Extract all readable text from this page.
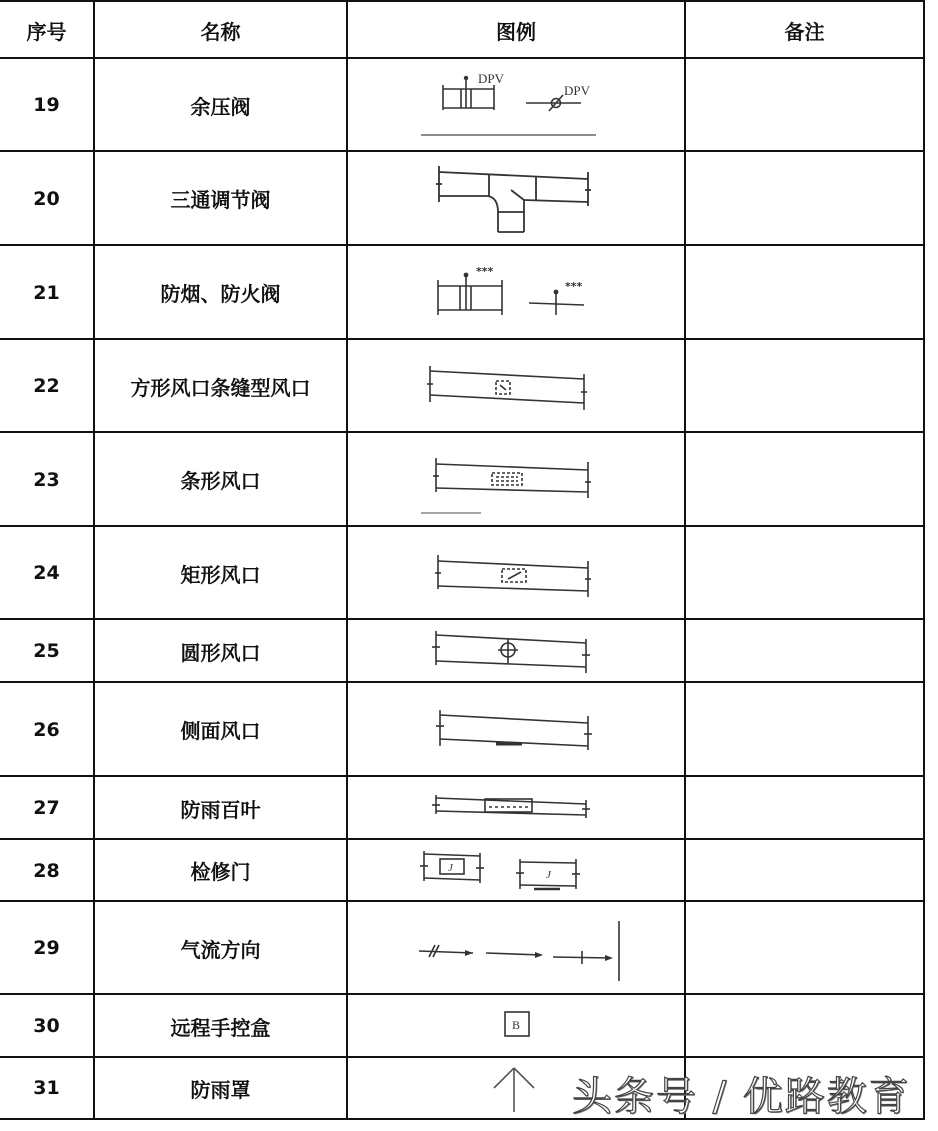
序号	名称	图例	备注
19	余压阀
DPV
DPV
20	三通调节阀
21	防烟、防火阀
***
***
22	方形风口条缝型风口
23	条形风口
24	矩形风口
25	圆形风口
26	侧面风口
27	防雨百叶
28	检修门	J
J
29	气流方向
30	远程手控盒	B
31	防雨罩	头条号 / 优路教育
